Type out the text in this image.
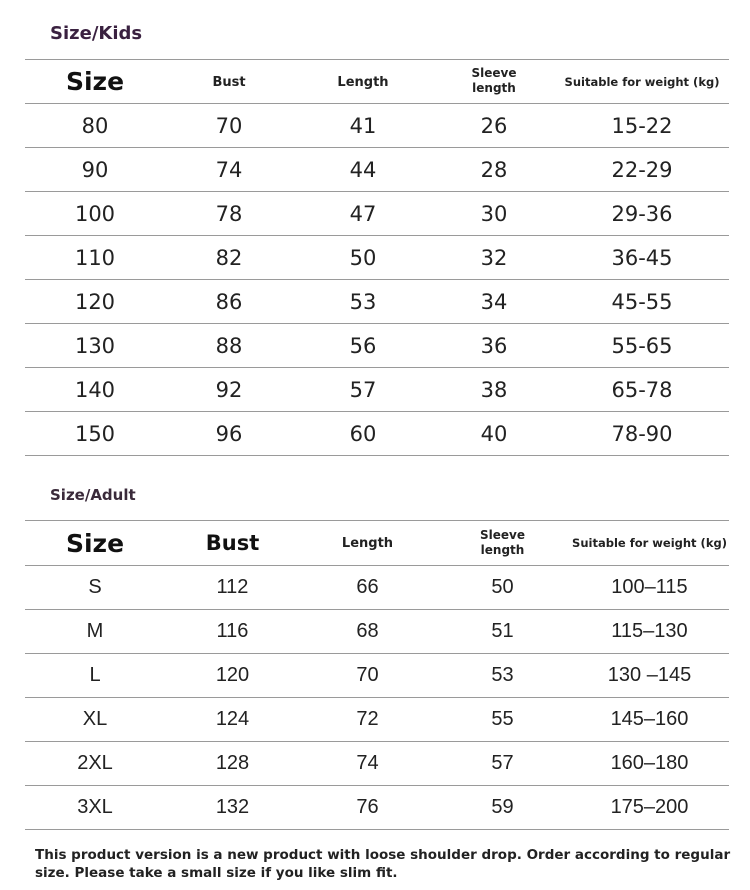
Size/Kids
Size	Bust	Length	Sleeve length	Suitable for weight (kg)
80	70	41	26	15-22
90	74	44	28	22-29
100	78	47	30	29-36
110	82	50	32	36-45
120	86	53	34	45-55
130	88	56	36	55-65
140	92	57	38	65-78
150	96	60	40	78-90
Size/Adult
Size	Bust	Length	Sleeve length	Suitable for weight (kg)
S	112	66	50	100–115
M	116	68	51	115–130
L	120	70	53	130 –145
XL	124	72	55	145–160
2XL	128	74	57	160–180
3XL	132	76	59	175–200
This product version is a new product with loose shoulder drop. Order according to regular size. Please take a small size if you like slim fit.
